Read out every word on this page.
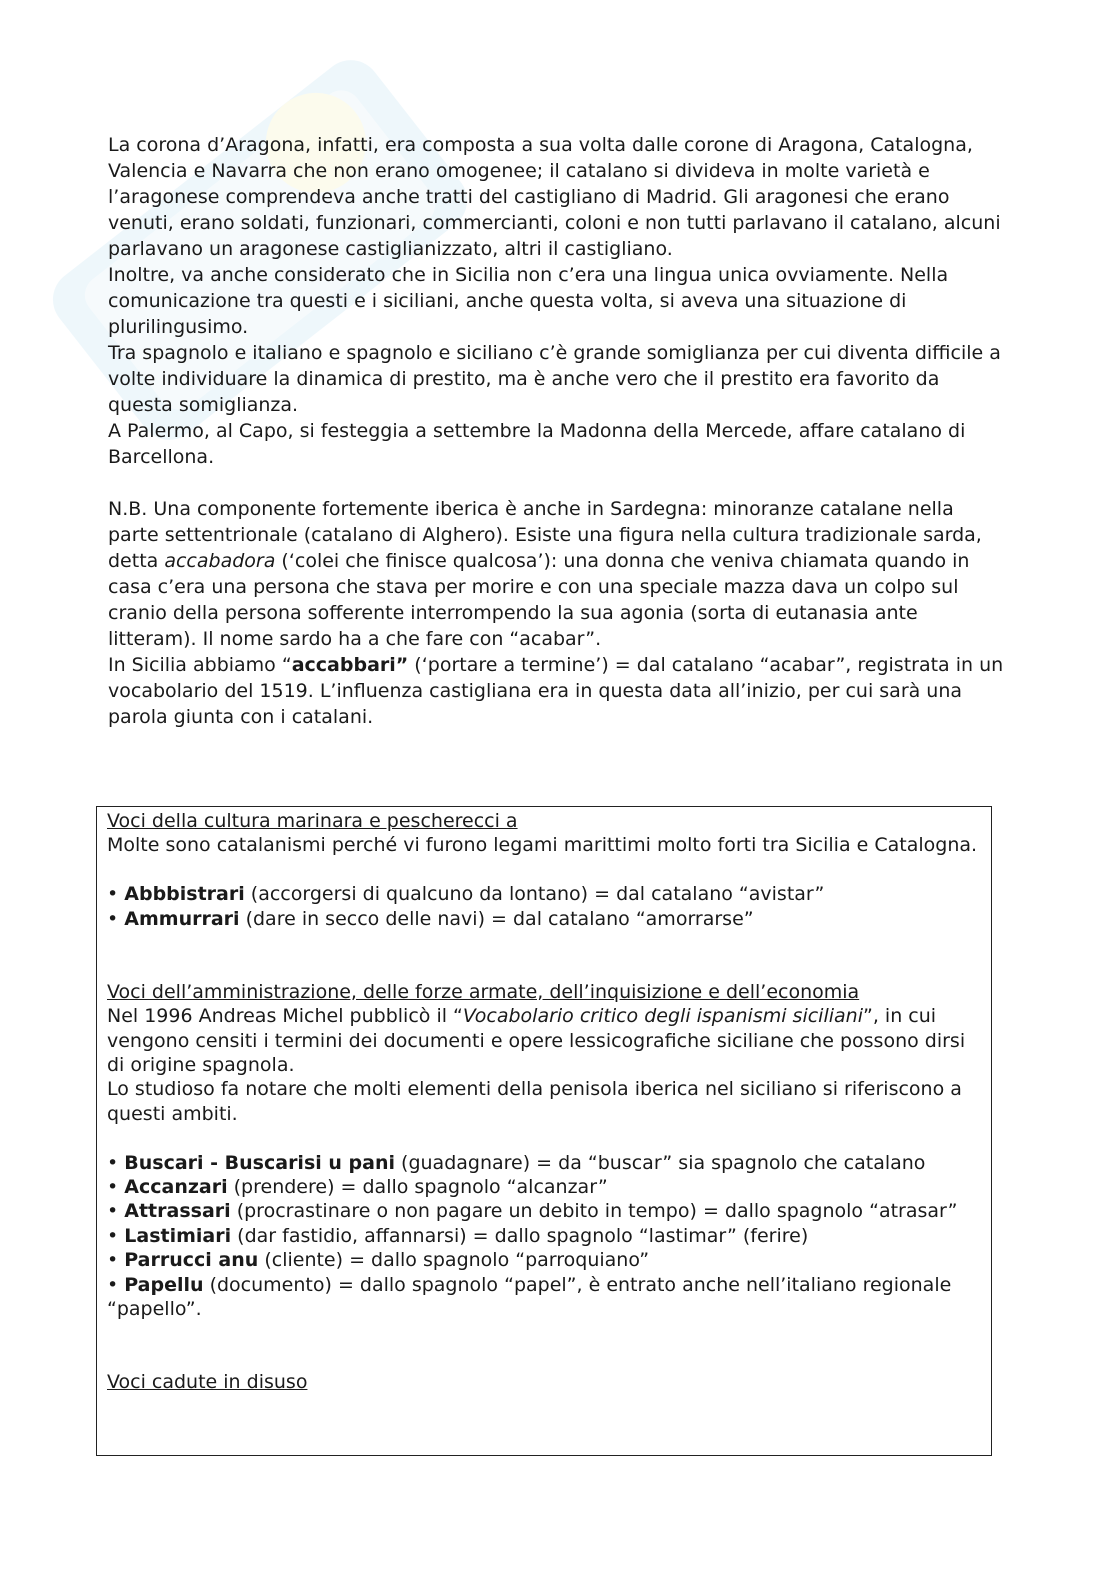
La corona d’Aragona, infatti, era composta a sua volta dalle corone di Aragona, Catalogna, Valencia e Navarra che non erano omogenee; il catalano si divideva in molte varietà e l’aragonese comprendeva anche tratti del castigliano di Madrid. Gli aragonesi che erano venuti, erano soldati, funzionari, commercianti, coloni e non tutti parlavano il catalano, alcuni parlavano un aragonese castiglianizzato, altri il castigliano.

Inoltre, va anche considerato che in Sicilia non c’era una lingua unica ovviamente. Nella comunicazione tra questi e i siciliani, anche questa volta, si aveva una situazione di plurilingusimo.

Tra spagnolo e italiano e spagnolo e siciliano c’è grande somiglianza per cui diventa difficile a volte individuare la dinamica di prestito, ma è anche vero che il prestito era favorito da questa somiglianza.

A Palermo, al Capo, si festeggia a settembre la Madonna della Mercede, affare catalano di Barcellona.

N.B. Una componente fortemente iberica è anche in Sardegna: minoranze catalane nella parte settentrionale (catalano di Alghero). Esiste una figura nella cultura tradizionale sarda, detta accabadora (‘colei che finisce qualcosa’): una donna che veniva chiamata quando in casa c’era una persona che stava per morire e con una speciale mazza dava un colpo sul cranio della persona sofferente interrompendo la sua agonia (sorta di eutanasia ante litteram). Il nome sardo ha a che fare con “acabar”.

In Sicilia abbiamo “accabbari” (‘portare a termine’) = dal catalano “acabar”, registrata in un vocabolario del 1519. L’influenza castigliana era in questa data all’inizio, per cui sarà una parola giunta con i catalani.

Voci della cultura marinara e pescherecci a

Molte sono catalanismi perché vi furono legami marittimi molto forti tra Sicilia e Catalogna.

• Abbbistrari (accorgersi di qualcuno da lontano) = dal catalano “avistar”

• Ammurrari (dare in secco delle navi) = dal catalano “amorrarse”

Voci dell’amministrazione, delle forze armate, dell’inquisizione e dell’economia

Nel 1996 Andreas Michel pubblicò il “Vocabolario critico degli ispanismi siciliani”, in cui vengono censiti i termini dei documenti e opere lessicografiche siciliane che possono dirsi di origine spagnola.

Lo studioso fa notare che molti elementi della penisola iberica nel siciliano si riferiscono a questi ambiti.

• Buscari - Buscarisi u pani (guadagnare) = da “buscar” sia spagnolo che catalano

• Accanzari (prendere) = dallo spagnolo “alcanzar”

• Attrassari (procrastinare o non pagare un debito in tempo) = dallo spagnolo “atrasar”

• Lastimiari (dar fastidio, affannarsi) = dallo spagnolo “lastimar” (ferire)

• Parrucci anu (cliente) = dallo spagnolo “parroquiano”

• Papellu (documento) = dallo spagnolo “papel”, è entrato anche nell’italiano regionale “papello”.

Voci cadute in disuso
